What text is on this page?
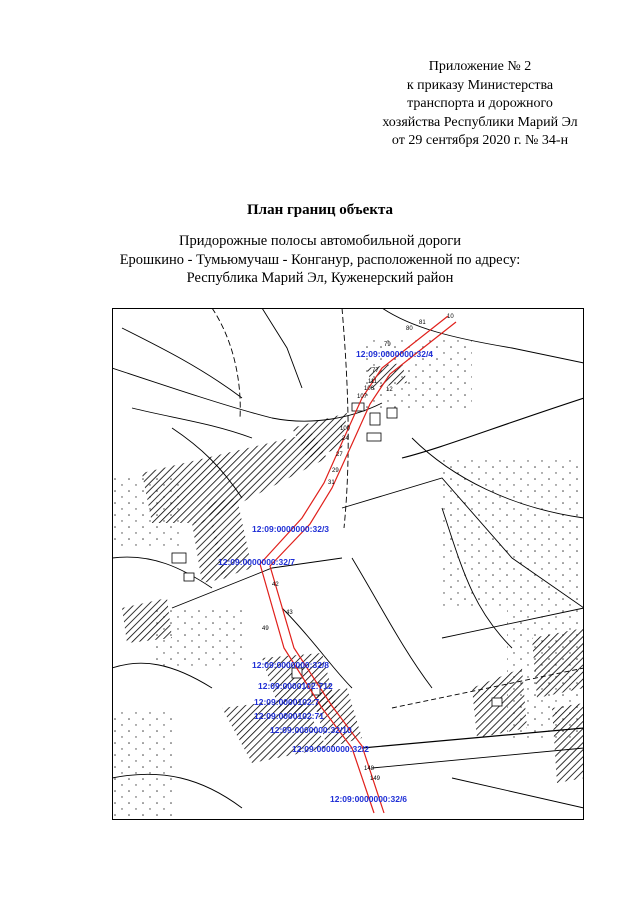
Приложение № 2
к приказу Министерства
транспорта и дорожного
хозяйства Республики Марий Эл
от 29 сентября 2020 г. № 34-н
План границ объекта
Придорожные полосы автомобильной дороги
Ерошкино - Тумьюмучаш - Конганур, расположенной по адресу:
Республика Марий Эл, Куженерский район
81
10
80
79
77
111
106 12
107
100
24
27
29
31
42
43
49
149
148
12:09:0000000:32/4
12:09:0000000:32/3
12:09:0000000:32/7
12:09:0000000:32/8
12:09:0000102:712
12:09:0000102:7
12:09:0000102:71
12:09:0000000:32/10
12:09:0000000:32/2
12:09:0000000:32/6
